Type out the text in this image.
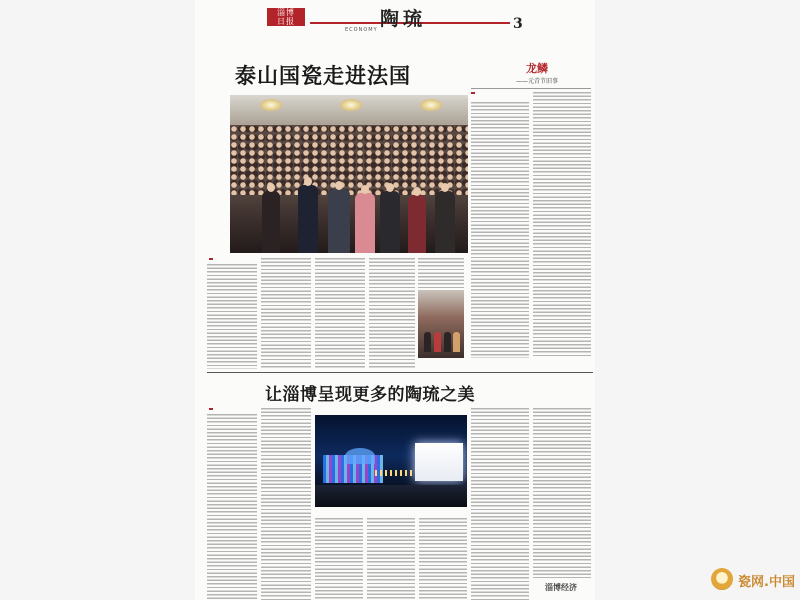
淄博
日报	陶琉	3
ECONOMY
泰山国瓷走进法国	龙鳞
——元青节旧事
让淄博呈现更多的陶琉之美
淄博经济	瓷网.中国
